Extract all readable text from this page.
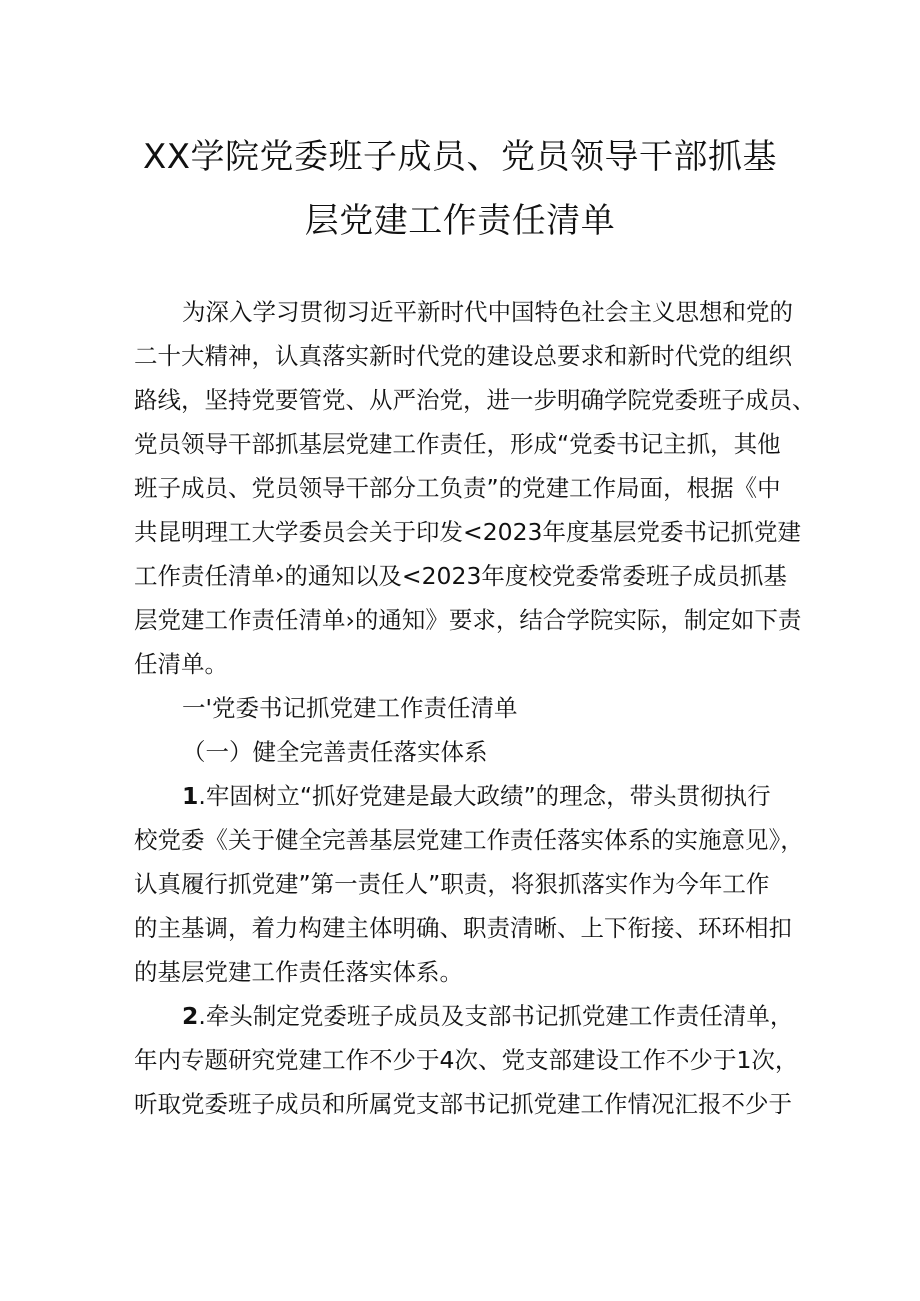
XX学院党委班子成员、党员领导干部抓基
层党建工作责任清单

为深入学习贯彻习近平新时代中国特色社会主义思想和党的

二十大精神，认真落实新时代党的建设总要求和新时代党的组织

路线，坚持党要管党、从严治党，进一步明确学院党委班子成员、

党员领导干部抓基层党建工作责任，形成“党委书记主抓，其他

班子成员、党员领导干部分工负责”的党建工作局面，根据《中

共昆明理工大学委员会关于印发<2023年度基层党委书记抓党建

工作责任清单›的通知以及<2023年度校党委常委班子成员抓基

层党建工作责任清单›的通知》要求，结合学院实际，制定如下责

任清单。

一'党委书记抓党建工作责任清单

（一）健全完善责任落实体系

1.牢固树立“抓好党建是最大政绩”的理念，带头贯彻执行

校党委《关于健全完善基层党建工作责任落实体系的实施意见》，

认真履行抓党建”第一责任人”职责，将狠抓落实作为今年工作

的主基调，着力构建主体明确、职责清晰、上下衔接、环环相扣

的基层党建工作责任落实体系。

2.牵头制定党委班子成员及支部书记抓党建工作责任清单，

年内专题研究党建工作不少于4次、党支部建设工作不少于1次，

听取党委班子成员和所属党支部书记抓党建工作情况汇报不少于
